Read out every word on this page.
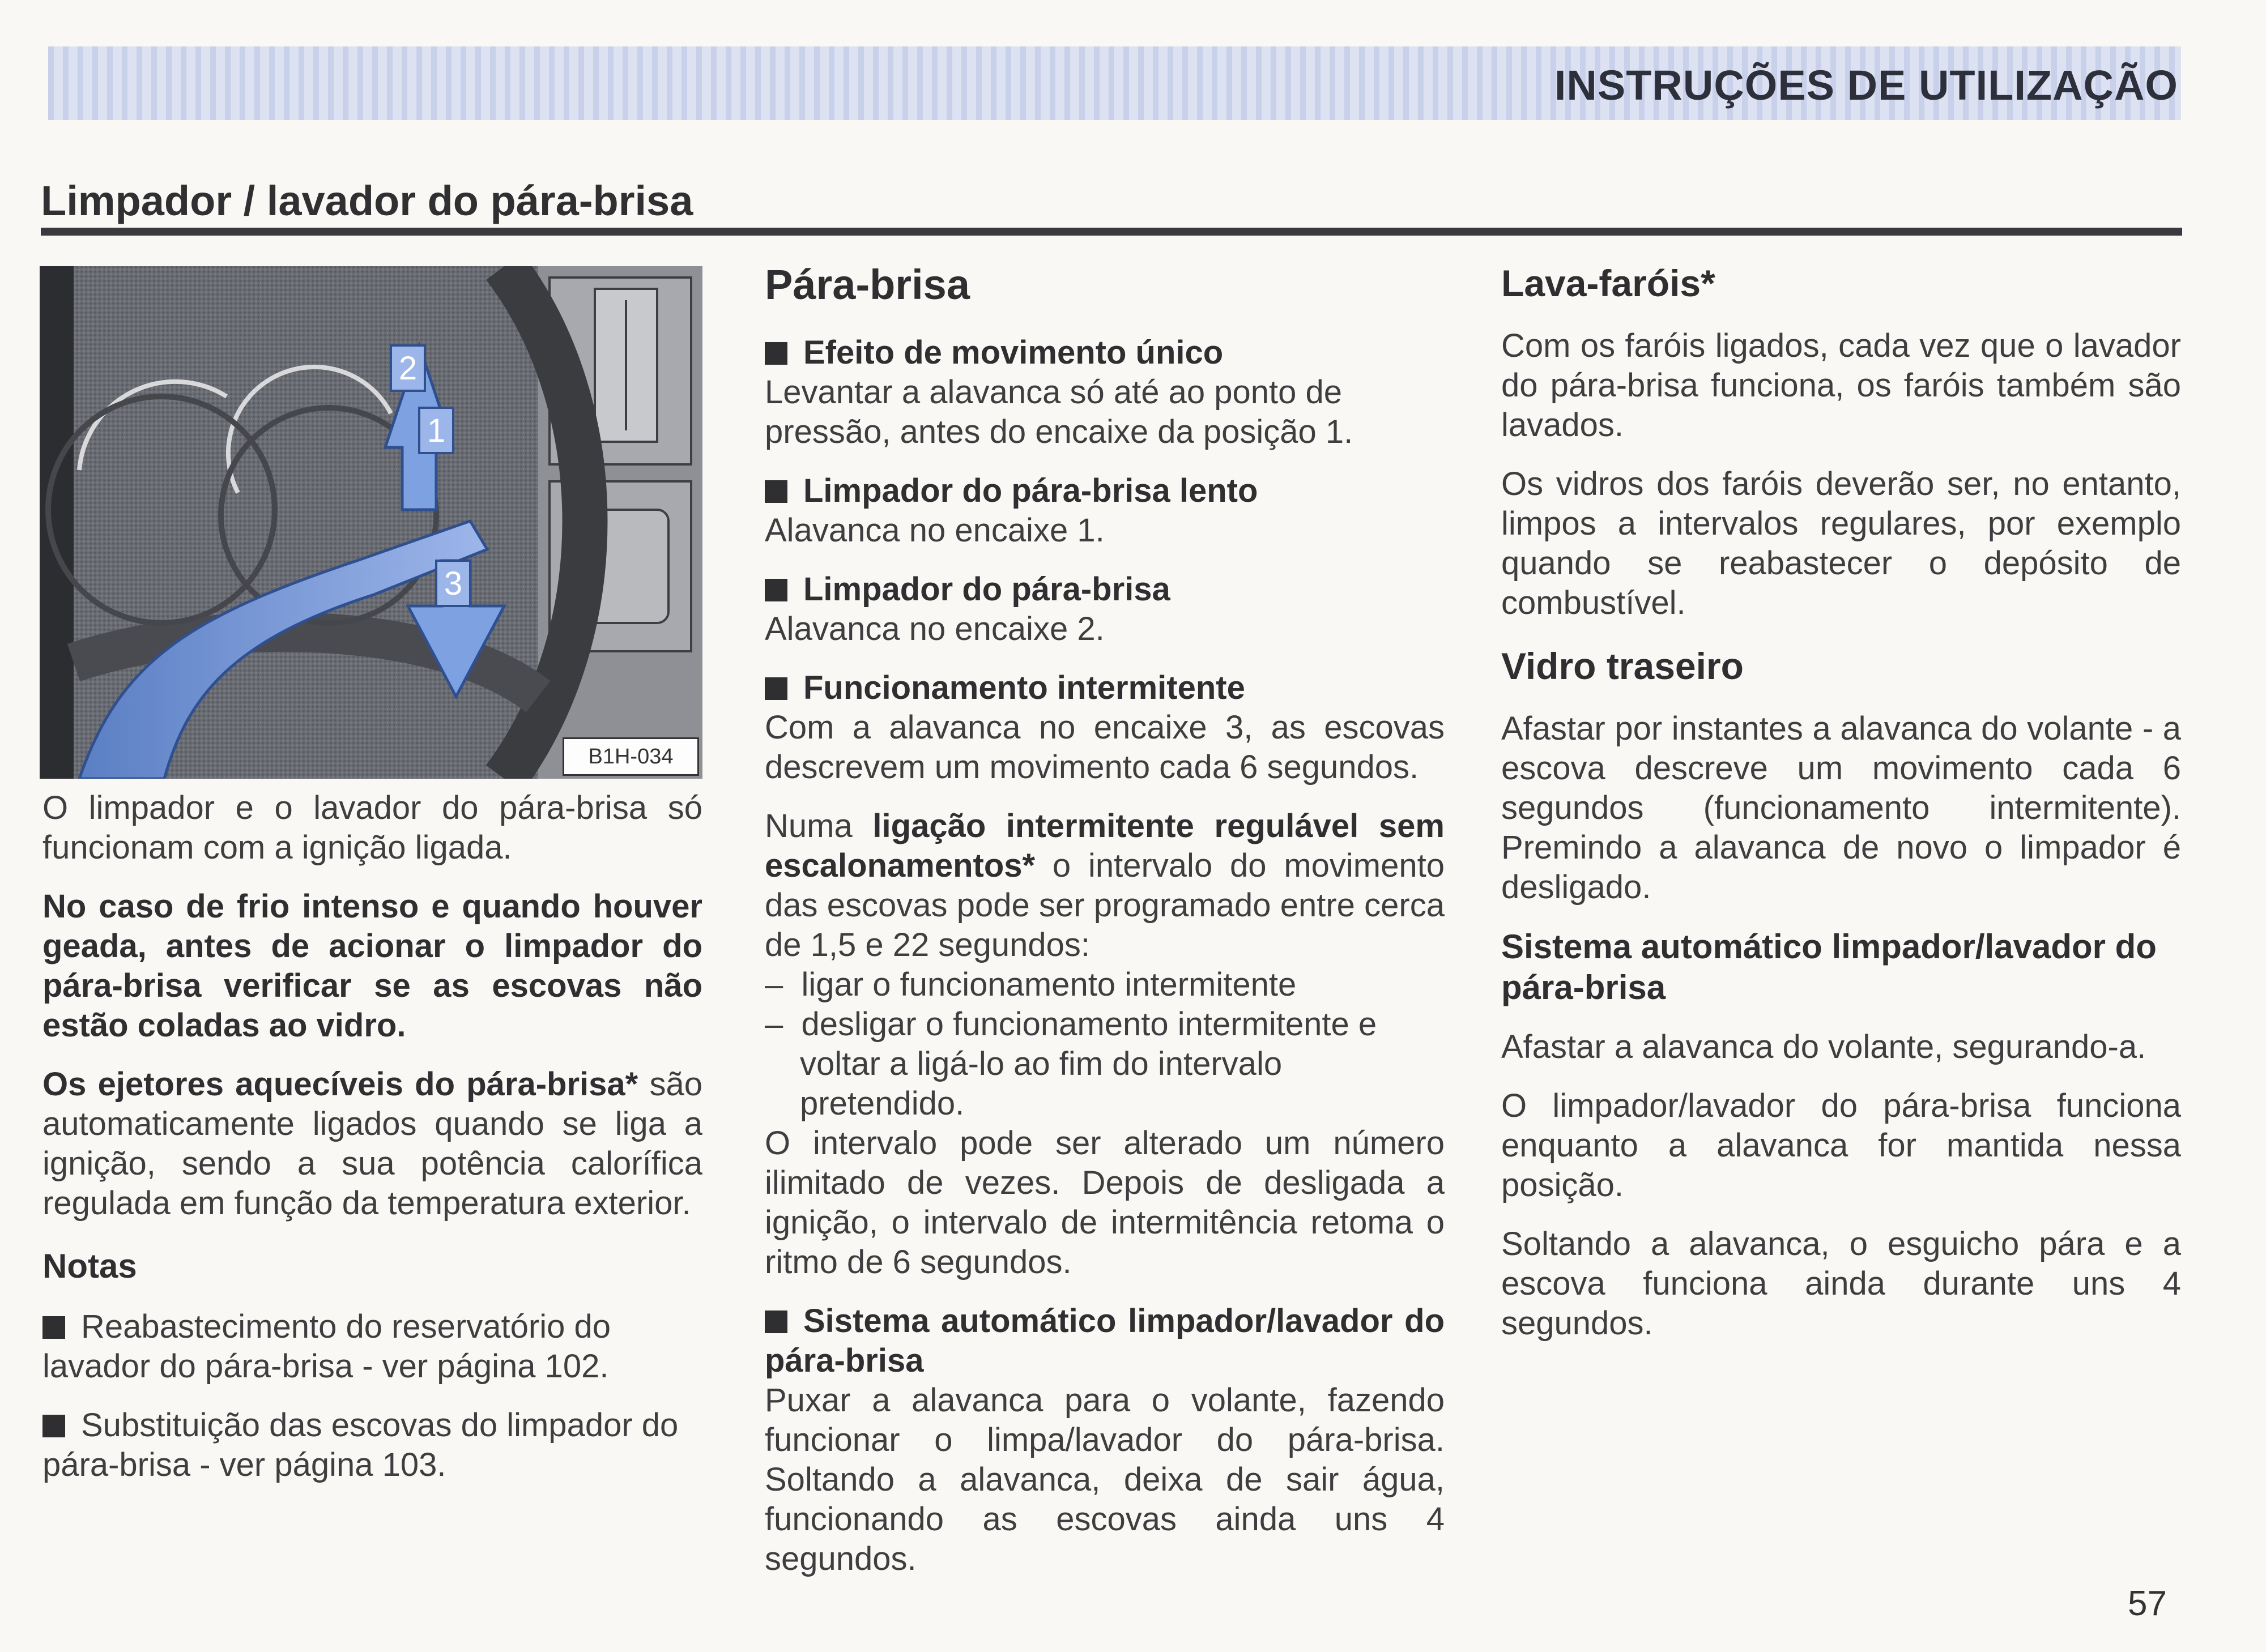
INSTRUÇÕES DE UTILIZAÇÃO
Limpador / lavador do pára-brisa
2
1
3
B1H-034

O limpador e o lavador do pára-brisa só funcionam com a ignição ligada.

No caso de frio intenso e quando houver geada, antes de acionar o limpador do pára-brisa verificar se as escovas não estão coladas ao vidro.

Os ejetores aquecíveis do pára-brisa* são automaticamente ligados quando se liga a ignição, sendo a sua potência calorífica regulada em função da temperatura exterior.

Notas

Reabastecimento do reservatório do lavador do pára-brisa - ver página 102.

Substituição das escovas do limpador do pára-brisa - ver página 103.

Pára-brisa

Efeito de movimento único
Levantar a alavanca só até ao ponto de pressão, antes do encaixe da posição 1.

Limpador do pára-brisa lento
Alavanca no encaixe 1.

Limpador do pára-brisa
Alavanca no encaixe 2.

Funcionamento intermitente
Com a alavanca no encaixe 3, as escovas descrevem um movimento cada 6 segundos.

Numa ligação intermitente regulável sem escalonamentos* o intervalo do movimento das escovas pode ser programado entre cerca de 1,5 e 22 segundos:

–  ligar o funcionamento intermitente
–  desligar o funcionamento intermitente e voltar a ligá-lo ao fim do intervalo pretendido.

O intervalo pode ser alterado um número ilimitado de vezes. Depois de desligada a ignição, o intervalo de intermitência retoma o ritmo de 6 segundos.

Sistema automático limpador/lavador do pára-brisa
Puxar a alavanca para o volante, fazendo funcionar o limpa/lavador do pára-brisa. Soltando a alavanca, deixa de sair água, funcionando as escovas ainda uns 4 segundos.

Lava-faróis*

Com os faróis ligados, cada vez que o lavador do pára-brisa funciona, os faróis também são lavados.

Os vidros dos faróis deverão ser, no entanto, limpos a intervalos regulares, por exemplo quando se reabastecer o depósito de combustível.

Vidro traseiro

Afastar por instantes a alavanca do volante - a escova descreve um movimento cada 6 segundos (funcionamento intermitente). Premindo a alavanca de novo o limpador é desligado.

Sistema automático limpador/lavador do pára-brisa

Afastar a alavanca do volante, segurando-a.

O limpador/lavador do pára-brisa funciona enquanto a alavanca for mantida nessa posição.

Soltando a alavanca, o esguicho pára e a escova funciona ainda durante uns 4 segundos.

57
